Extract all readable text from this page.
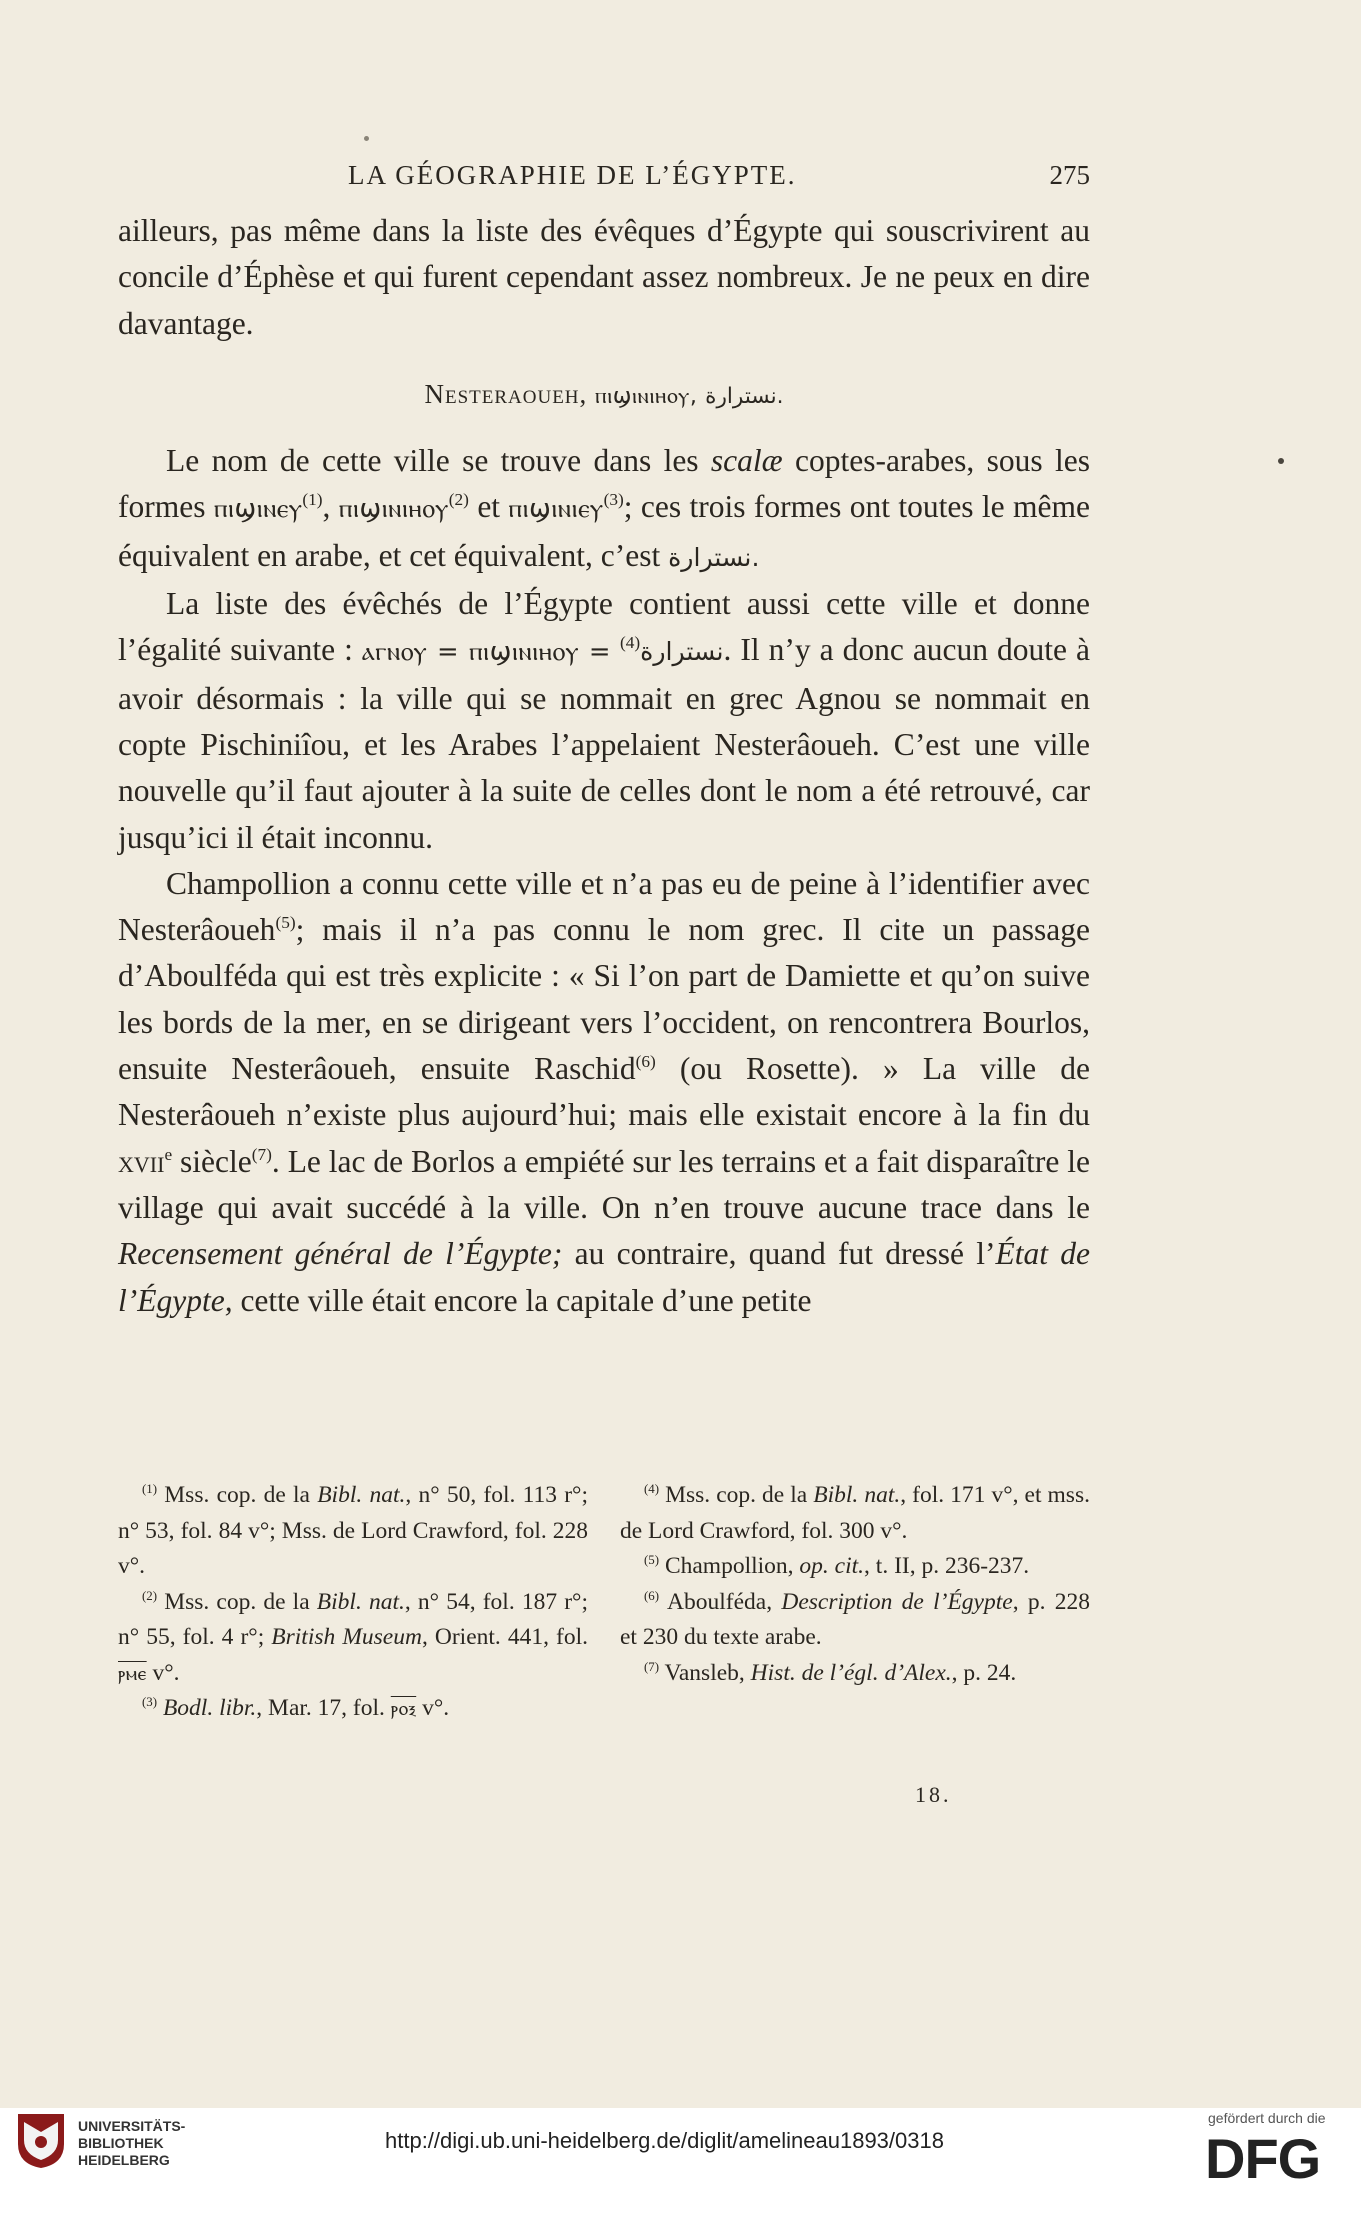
LA GÉOGRAPHIE DE L’ÉGYPTE.	275

ailleurs, pas même dans la liste des évêques d’Égypte qui souscrivirent au concile d’Éphèse et qui furent cependant assez nombreux. Je ne peux en dire davantage.

Nesteraoueh, ⲡⲓϣⲓⲛⲓⲏⲟⲩ, نسترارة.

Le nom de cette ville se trouve dans les scalæ coptes-arabes, sous les formes ⲡⲓϣⲓⲛⲉⲩ$^{(1)}$, ⲡⲓϣⲓⲛⲓⲏⲟⲩ$^{(2)}$ et ⲡⲓϣⲓⲛⲓⲉⲩ$^{(3)}$; ces trois formes ont toutes le même équivalent en arabe, et cet équivalent, c’est نسترارة.

La liste des évêchés de l’Égypte contient aussi cette ville et donne l’égalité suivante : ⲁⲅⲛⲟⲩ = ⲡⲓϣⲓⲛⲓⲏⲟⲩ = نسترارة$^{(4)}$	. Il n’y a donc aucun doute à avoir désormais : la ville qui se nommait en grec Agnou se nommait en copte Pischiniîou, et les Arabes l’appelaient Nesterâoueh. C’est une ville nouvelle qu’il faut ajouter à la suite de celles dont le nom a été retrouvé, car jusqu’ici il était inconnu.

Champollion a connu cette ville et n’a pas eu de peine à l’identifier avec Nesterâoueh$^{(5)}$; mais il n’a pas connu le nom grec. Il cite un passage d’Aboulféda qui est très explicite : « Si l’on part de Damiette et qu’on suive les bords de la mer, en se dirigeant vers l’occident, on rencontrera Bourlos, ensuite Nesterâoueh, ensuite Raschid$^{(6)}$ (ou Rosette). » La ville de Nesterâoueh n’existe plus aujourd’hui; mais elle existait encore à la fin du xvii$^e$ siècle$^{(7)}$. Le lac de Borlos a empiété sur les terrains et a fait disparaître le village qui avait succédé à la ville. On n’en trouve aucune trace dans le Recensement général de l’Égypte; au contraire, quand fut dressé l’État de l’Égypte, cette ville était encore la capitale d’une petite

$^{(1)}$ Mss. cop. de la Bibl. nat., n° 50, fol. 113 r°; n° 53, fol. 84 v°; Mss. de Lord Crawford, fol. 228 v°.

$^{(2)}$ Mss. cop. de la Bibl. nat., n° 54, fol. 187 r°; n° 55, fol. 4 r°; British Museum, Orient. 441, fol. ⲣⲙⲉ v°.

$^{(3)}$ Bodl. libr., Mar. 17, fol. ⲣⲟⲝ v°.

$^{(4)}$ Mss. cop. de la Bibl. nat., fol. 171 v°, et mss. de Lord Crawford, fol. 300 v°.

$^{(5)}$ Champollion, op. cit., t. II, p. 236-237.

$^{(6)}$ Aboulféda, Description de l’Égypte, p. 228 et 230 du texte arabe.

$^{(7)}$ Vansleb, Hist. de l’égl. d’Alex., p. 24.

18.
UNIVERSITÄTS-
BIBLIOTHEK
HEIDELBERG
http://digi.ub.uni-heidelberg.de/diglit/amelineau1893/0318
gefördert durch die
DFG
